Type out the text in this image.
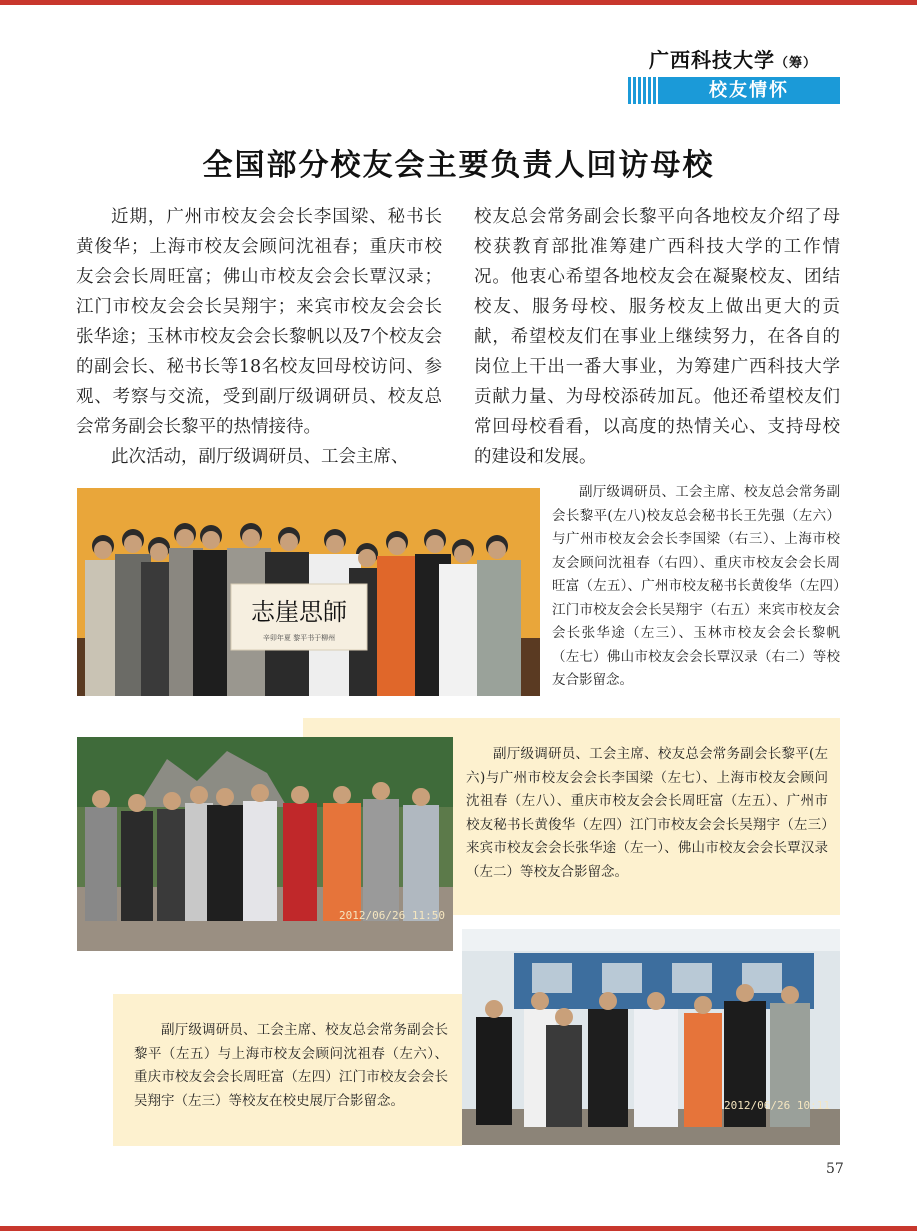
广西科技大学（筹）
校友情怀
全国部分校友会主要负责人回访母校

近期，广州市校友会会长李国梁、秘书长黄俊华；上海市校友会顾问沈祖春；重庆市校友会会长周旺富；佛山市校友会会长覃汉录；江门市校友会会长吴翔宇；来宾市校友会会长张华途；玉林市校友会会长黎帆以及7个校友会的副会长、秘书长等18名校友回母校访问、参观、考察与交流，受到副厅级调研员、校友总会常务副会长黎平的热情接待。

此次活动，副厅级调研员、工会主席、

校友总会常务副会长黎平向各地校友介绍了母校获教育部批准筹建广西科技大学的工作情况。他衷心希望各地校友会在凝聚校友、团结校友、服务母校、服务校友上做出更大的贡献，希望校友们在事业上继续努力，在各自的岗位上干出一番大事业，为筹建广西科技大学贡献力量、为母校添砖加瓦。他还希望校友们常回母校看看，以高度的热情关心、支持母校的建设和发展。

志崖思師
辛卯年夏 黎平书于柳州

副厅级调研员、工会主席、校友总会常务副会长黎平(左八)校友总会秘书长王先强（左六）与广州市校友会会长李国梁（右三）、上海市校友会顾问沈祖春（右四）、重庆市校友会会长周旺富（左五）、广州市校友秘书长黄俊华（左四）江门市校友会会长吴翔宇（右五）来宾市校友会会长张华途（左三）、玉林市校友会会长黎帆（左七）佛山市校友会会长覃汉录（右二）等校友合影留念。

2012/06/26 11:50

副厅级调研员、工会主席、校友总会常务副会长黎平(左六)与广州市校友会会长李国梁（左七）、上海市校友会顾问沈祖春（左八）、重庆市校友会会长周旺富（左五）、广州市校友秘书长黄俊华（左四）江门市校友会会长吴翔宇（左三）来宾市校友会会长张华途（左一）、佛山市校友会会长覃汉录（左二）等校友合影留念。

副厅级调研员、工会主席、校友总会常务副会长黎平（左五）与上海市校友会顾问沈祖春（左六）、重庆市校友会会长周旺富（左四）江门市校友会会长吴翔宇（左三）等校友在校史展厅合影留念。	2012/06/26 10:11
57
